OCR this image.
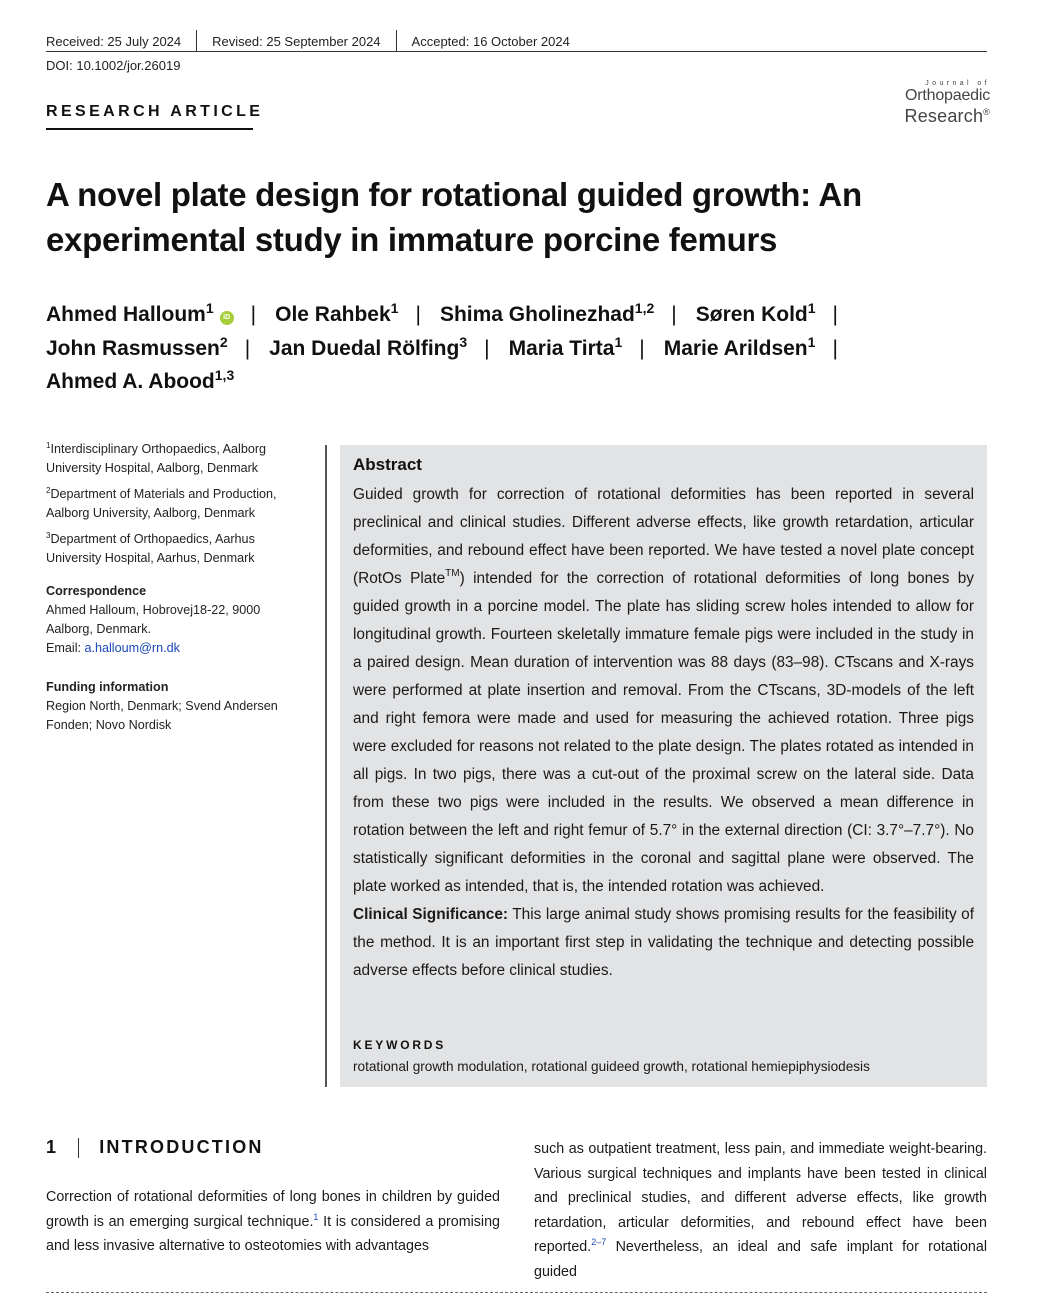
Received: 25 July 2024 Revised: 25 September 2024 Accepted: 16 October 2024
DOI: 10.1002/jor.26019
RESEARCH ARTICLE
Journal of
Orthopaedic
Research®
A novel plate design for rotational guided growth: An experimental study in immature porcine femurs
Ahmed Halloum$^1$iD | Ole Rahbek$^1$ | Shima Gholinezhad$^{1,2}$ | Søren Kold$^1$ |
John Rasmussen$^2$ | Jan Duedal Rölfing$^3$ | Maria Tirta$^1$ | Marie Arildsen$^1$ |
Ahmed A. Abood$^{1,3}$

$^1$Interdisciplinary Orthopaedics, Aalborg University Hospital, Aalborg, Denmark

$^2$Department of Materials and Production, Aalborg University, Aalborg, Denmark

$^3$Department of Orthopaedics, Aarhus University Hospital, Aarhus, Denmark

Correspondence

Ahmed Halloum, Hobrovej18-22, 9000 Aalborg, Denmark.
Email: a.halloum@rn.dk

Funding information

Region North, Denmark; Svend Andersen Fonden; Novo Nordisk

Abstract
Guided growth for correction of rotational deformities has been reported in several preclinical and clinical studies. Different adverse effects, like growth retardation, articular deformities, and rebound effect have been reported. We have tested a novel plate concept (RotOs Plate™) intended for the correction of rotational deformities of long bones by guided growth in a porcine model. The plate has sliding screw holes intended to allow for longitudinal growth. Fourteen skeletally immature female pigs were included in the study in a paired design. Mean duration of intervention was 88 days (83–98). CTscans and X-rays were performed at plate insertion and removal. From the CTscans, 3D-models of the left and right femora were made and used for measuring the achieved rotation. Three pigs were excluded for reasons not related to the plate design. The plates rotated as intended in all pigs. In two pigs, there was a cut-out of the proximal screw on the lateral side. Data from these two pigs were included in the results. We observed a mean difference in rotation between the left and right femur of 5.7° in the external direction (CI: 3.7°–7.7°). No statistically significant deformities in the coronal and sagittal plane were observed. The plate worked as intended, that is, the intended rotation was achieved.
Clinical Significance: This large animal study shows promising results for the feasibility of the method. It is an important first step in validating the technique and detecting possible adverse effects before clinical studies.
KEYWORDS
rotational growth modulation, rotational guideed growth, rotational hemiepiphysiodesis
1 INTRODUCTION
Correction of rotational deformities of long bones in children by guided growth is an emerging surgical technique.$^1$ It is considered a promising and less invasive alternative to osteotomies with advantages
such as outpatient treatment, less pain, and immediate weight-bearing. Various surgical techniques and implants have been tested in clinical and preclinical studies, and different adverse effects, like growth retardation, articular deformities, and rebound effect have been reported.$^{2-7}$ Nevertheless, an ideal and safe implant for rotational guided
